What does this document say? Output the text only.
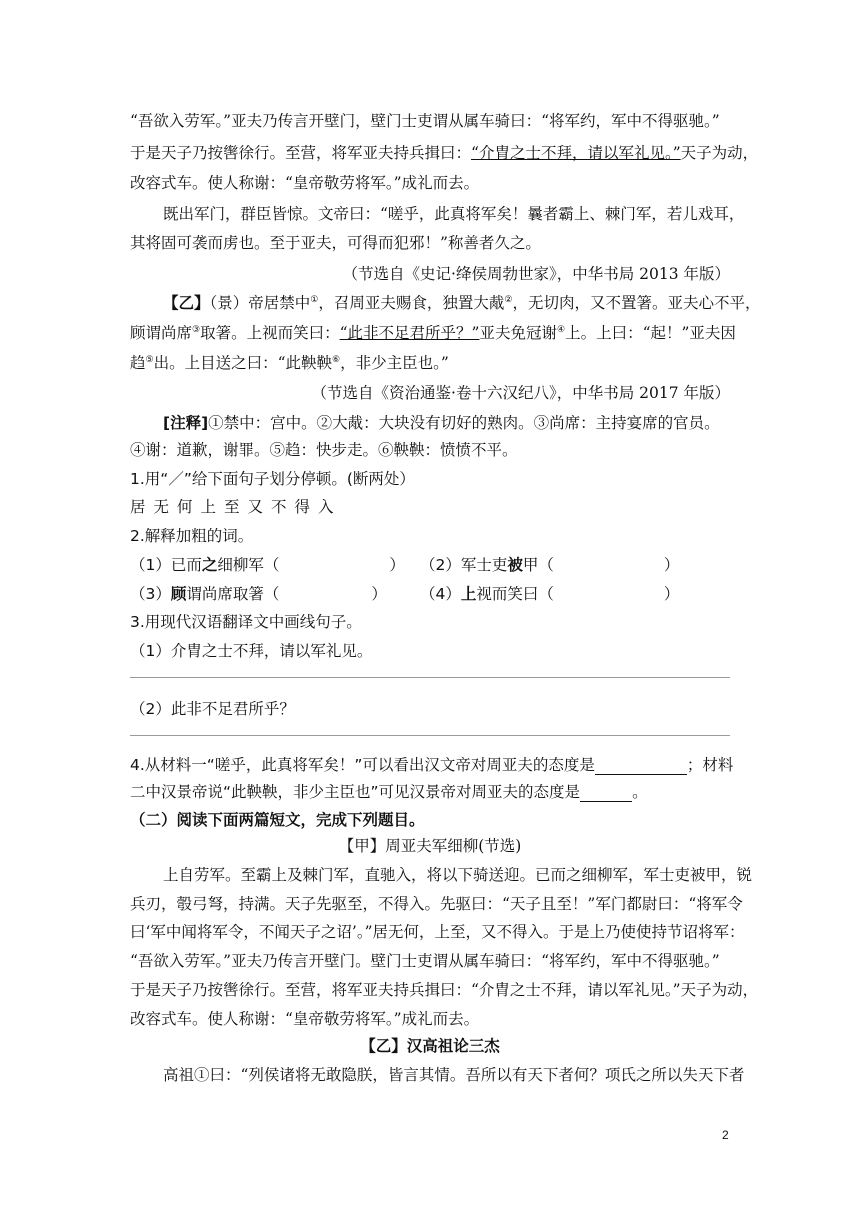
“吾欲入劳军。”亚夫乃传言开壁门，壁门士吏谓从属车骑曰：“将军约，军中不得驱驰。”
于是天子乃按辔徐行。至营，将军亚夫持兵揖曰：“介胄之士不拜，请以军礼见。”天子为动，
改容式车。使人称谢：“皇帝敬劳将军。”成礼而去。
既出军门，群臣皆惊。文帝曰：“嗟乎，此真将军矣！曩者霸上、棘门军，若儿戏耳，
其将固可袭而虏也。至于亚夫，可得而犯邪！”称善者久之。
（节选自《史记·绛侯周勃世家》，中华书局 2013 年版）
【乙】（景）帝居禁中①，召周亚夫赐食，独置大胾②，无切肉，又不置箸。亚夫心不平，
顾谓尚席③取箸。上视而笑曰：“此非不足君所乎？”亚夫免冠谢④上。上曰：“起！”亚夫因
趋⑤出。上目送之曰：“此鞅鞅⑥，非少主臣也。”
（节选自《资治通鉴·卷十六汉纪八》，中华书局 2017 年版）
[注释]①禁中：宫中。②大胾：大块没有切好的熟肉。③尚席：主持宴席的官员。
④谢：道歉，谢罪。⑤趋：快步走。⑥鞅鞅：愤愤不平。
1.用“／”给下面句子划分停顿。(断两处）
居无何上至又不得入
2.解释加粗的词。
（1）已而之细柳军（	） （2）军士吏被甲（	）
（3）顾谓尚席取箸（	） （4）上视而笑曰（	）
3.用现代汉语翻译文中画线句子。
（1）介胄之士不拜，请以军礼见。
（2）此非不足君所乎？
4.从材料一“嗟乎，此真将军矣！”可以看出汉文帝对周亚夫的态度是	；材料
二中汉景帝说“此鞅鞅，非少主臣也”可见汉景帝对周亚夫的态度是	。
（二）阅读下面两篇短文，完成下列题目。
【甲】周亚夫军细柳(节选)
上自劳军。至霸上及棘门军，直驰入，将以下骑送迎。已而之细柳军，军士吏被甲，锐
兵刃，彀弓弩，持满。天子先驱至，不得入。先驱曰：“天子且至！”军门都尉曰：“将军令
曰‘军中闻将军令，不闻天子之诏’。”居无何，上至，又不得入。于是上乃使使持节诏将军：
“吾欲入劳军。”亚夫乃传言开壁门。壁门士吏谓从属车骑曰：“将军约，军中不得驱驰。”
于是天子乃按辔徐行。至营，将军亚夫持兵揖曰：“介胄之士不拜，请以军礼见。”天子为动，
改容式车。使人称谢：“皇帝敬劳将军。”成礼而去。
【乙】汉高祖论三杰
高祖①曰：“列侯诸将无敢隐朕，皆言其情。吾所以有天下者何？项氏之所以失天下者
2
